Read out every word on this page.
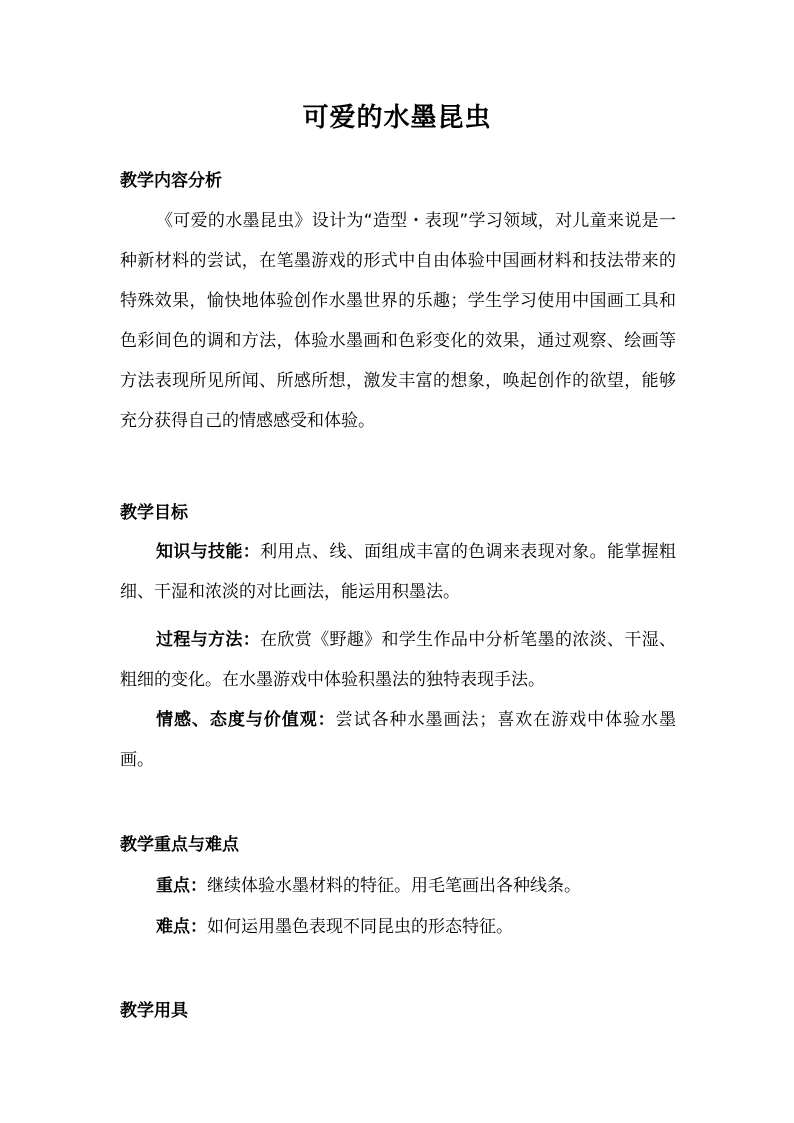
可爱的水墨昆虫
教学内容分析

《可爱的水墨昆虫》设计为“造型・表现”学习领域，对儿童来说是一种新材料的尝试，在笔墨游戏的形式中自由体验中国画材料和技法带来的特殊效果，愉快地体验创作水墨世界的乐趣；学生学习使用中国画工具和色彩间色的调和方法，体验水墨画和色彩变化的效果，通过观察、绘画等方法表现所见所闻、所感所想，激发丰富的想象，唤起创作的欲望，能够充分获得自己的情感感受和体验。

教学目标

知识与技能：利用点、线、面组成丰富的色调来表现对象。能掌握粗细、干湿和浓淡的对比画法，能运用积墨法。

过程与方法：在欣赏《野趣》和学生作品中分析笔墨的浓淡、干湿、粗细的变化。在水墨游戏中体验积墨法的独特表现手法。

情感、态度与价值观：尝试各种水墨画法；喜欢在游戏中体验水墨画。

教学重点与难点

重点：继续体验水墨材料的特征。用毛笔画出各种线条。

难点：如何运用墨色表现不同昆虫的形态特征。

教学用具
